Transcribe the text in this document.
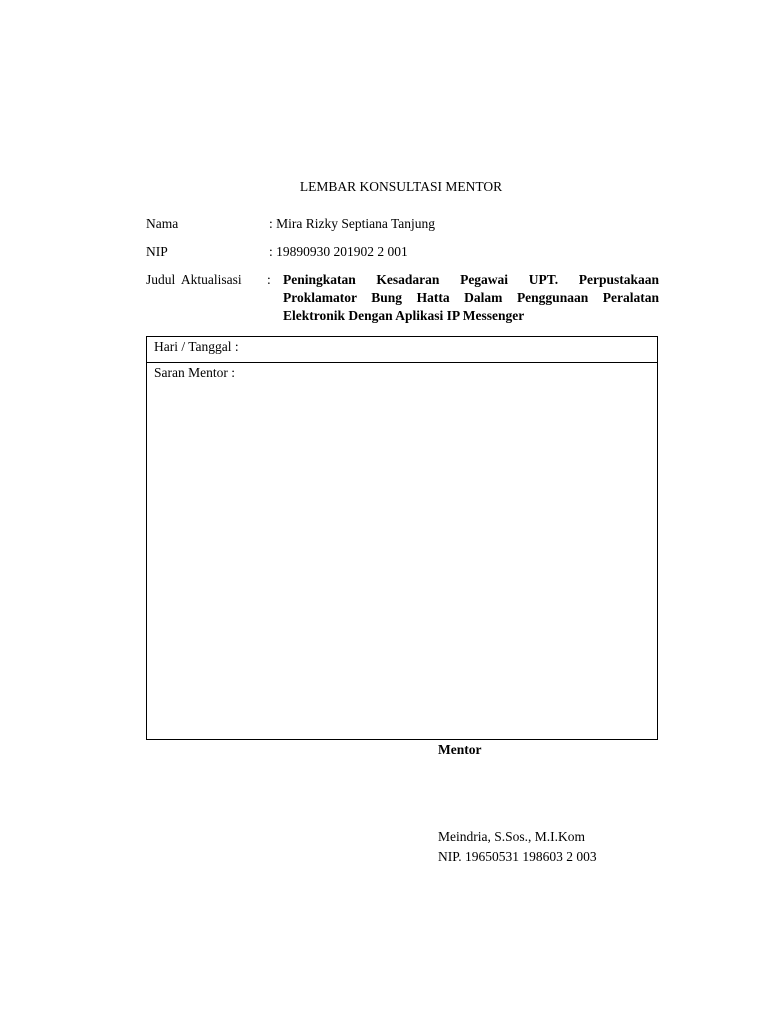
LEMBAR KONSULTASI MENTOR
Nama	: Mira Rizky Septiana Tanjung
NIP	: 19890930 201902 2 001
Judul Aktualisasi : Peningkatan Kesadaran Pegawai UPT. Perpustakaan
Proklamator Bung Hatta Dalam Penggunaan Peralatan
Elektronik Dengan Aplikasi IP Messenger
Hari / Tanggal :
Saran Mentor :
Mentor
Meindria, S.Sos., M.I.Kom
NIP. 19650531 198603 2 003
